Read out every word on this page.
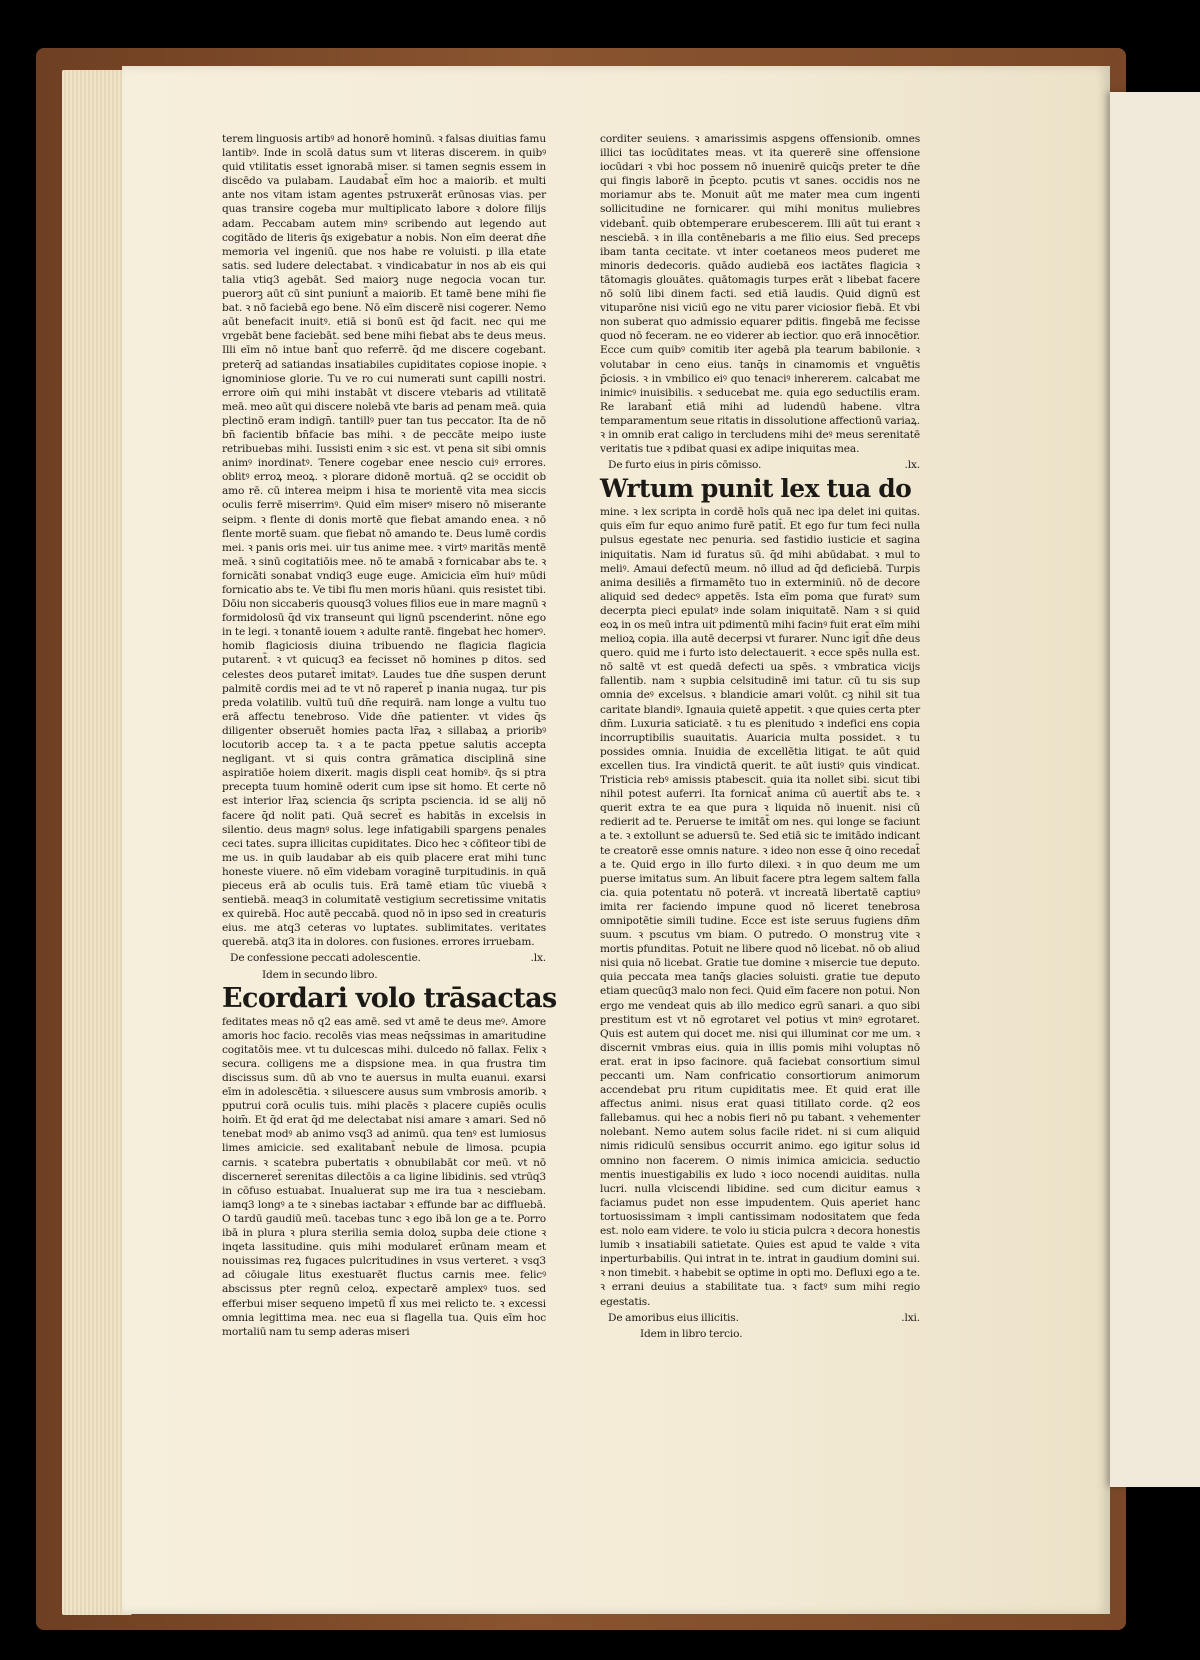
terem linguosis artibꝰ ad honorē hominū. ꝛ falsas diuitias famu lantibꝰ. Inde in scolā datus sum vt literas discerem. in quibꝰ quid vtilitatis esset ignorabā miser. si tamen segnis essem in discēdo va pulabam. Laudabat̄ eīm hoc a maiorib. et multi ante nos vitam istam agentes pstruxerāt erūnosas vias. per quas transire cogeba mur multiplicato labore ꝛ dolore filijs adam. Peccabam autem minꝰ scribendo aut legendo aut cogitādo de literis q̄s exigebatur a nobis. Non eīm deerat dn̄e memoria vel ingeniū. que nos habe re voluisti. p illa etate satis. sed ludere delectabat. ꝛ vindicabatur in nos ab eis qui talia vtiq3 agebāt. Sed maiorꝫ nuge negocia vocan tur. puerorꝫ aūt cū sint puniunt̄ a maiorib. Et tamē bene mihi fie bat. ꝛ nō faciebā ego bene. Nō eīm discerē nisi cogerer. Nemo aūt benefacit inuitꝰ. etiā si bonū est q̄d facit. nec qui me vrgebāt bene faciebāt. sed bene mihi fiebat abs te deus meus. Illi eīm nō intue bant̄ quo referrē. q̄d me discere cogebant. preterq̄ ad satiandas insatiabiles cupiditates copiose inopie. ꝛ ignominiose glorie. Tu ve ro cui numerati sunt capilli nostri. errore oim̄ qui mihi instabāt vt discere vtebaris ad vtilitatē meā. meo aūt qui discere nolebā vte baris ad penam meā. quia plectinō eram indign̄. tantillꝰ puer tan tus peccator. Ita de nō bn̄ facientib bn̄facie bas mihi. ꝛ de peccāte meipo iuste retribuebas mihi. Iussisti enim ꝛ sic est. vt pena sit sibi omnis animꝰ inordinatꝰ. Tenere cogebar enee nescio cuiꝰ errores. oblitꝰ erroꝝ meoꝝ. ꝛ plorare didonē mortuā. q2 se occidit ob amo rē. cū interea meipm i hisa te morientē vita mea siccis oculis ferrē miserrimꝰ. Quid eīm miserꝰ misero nō miserante seipm. ꝛ flente di donis mortē que fiebat amando enea. ꝛ nō flente mortē suam. que fiebat nō amando te. Deus lumē cordis mei. ꝛ panis oris mei. uir tus anime mee. ꝛ virtꝰ maritās mentē meā. ꝛ sinū cogitatiōis mee. nō te amabā ꝛ fornicabar abs te. ꝛ fornicāti sonabat vndiq3 euge euge. Amicicia eīm huiꝰ mūdi fornicatio abs te. Ve tibi flu men moris hūani. quis resistet tibi. Dōiu non siccaberis quousq3 volues filios eue in mare magnū ꝛ formidolosū q̄d vix transeunt qui lignū pscenderint. nōne ego in te legi. ꝛ tonantē iouem ꝛ adulte rantē. fingebat hec homerꝰ. homib flagiciosis diuina tribuendo ne flagicia flagicia putarent̄. ꝛ vt quicuq3 ea fecisset nō homines p ditos. sed celestes deos putaret̄ imitatꝰ. Laudes tue dn̄e suspen derunt palmitē cordis mei ad te vt nō raperet̄ p inania nugaꝝ. tur pis preda volatilib. vultū tuū dn̄e requirā. nam longe a vultu tuo erā affectu tenebroso. Vide dn̄e patienter. vt vides q̄s diligenter obseruēt homies pacta lr̄aꝝ ꝛ sillabaꝝ a prioribꝰ locutorib accep ta. ꝛ a te pacta ppetue salutis accepta negligant. vt si quis contra grāmatica disciplinā sine aspiratiōe hoiem dixerit. magis displi ceat homibꝰ. q̄s si ptra precepta tuum hominē oderit cum ipse sit homo. Et certe nō est interior lr̄aꝝ sciencia q̄s scripta psciencia. id se alij nō facere q̄d nolit pati. Quā secret̄ es habitās in excelsis in silentio. deus magnꝰ solus. lege infatigabili spargens penales ceci tates. supra illicitas cupiditates. Dico hec ꝛ cōfiteor tibi de me us. in quib laudabar ab eis quib placere erat mihi tunc honeste viuere. nō eīm videbam voraginē turpitudinis. in quā pieceus erā ab oculis tuis. Erā tamē etiam tūc viuebā ꝛ sentiebā. meaq3 in columitatē vestigium secretissime vnitatis ex quirebā. Hoc autē peccabā. quod nō in ipso sed in creaturis eius. me atq3 ceteras vo luptates. sublimitates. veritates querebā. atq3 ita in dolores. con fusiones. errores irruebam.

De confessione peccati adolescentie.	.lx.

Idem in secundo libro.

Ecordari volo trāsactas

feditates meas nō q2 eas amē. sed vt amē te deus meꝰ. Amore amoris hoc facio. recolēs vias meas neq̄ssimas in amaritudine cogitatōis mee. vt tu dulcescas mihi. dulcedo nō fallax. Felix ꝛ secura. colligens me a dispsione mea. in qua frustra tim discissus sum. dū ab vno te auersus in multa euanui. exarsi eīm in adolescētia. ꝛ siluescere ausus sum vmbrosis amorib. ꝛ pputrui corā oculis tuis. mihi placēs ꝛ placere cupiēs oculis hoim̄. Et q̄d erat q̄d me delectabat nisi amare ꝛ amari. Sed nō tenebat modꝰ ab animo vsq3 ad animū. qua tenꝰ est lumiosus limes amicicie. sed exalitabant̄ nebule de limosa. pcupia carnis. ꝛ scatebra pubertatis ꝛ obnubilabāt cor meū. vt nō discerneret̄ serenitas dilectōis a ca ligine libidinis. sed vtrūq3 in cōfuso estuabat. Inualuerat sup me ira tua ꝛ nesciebam. iamq3 longꝰ a te ꝛ sinebas iactabar ꝛ effunde bar ac diffluebā. O tardū gaudiū meū. tacebas tunc ꝛ ego ibā lon ge a te. Porro ibā in plura ꝛ plura sterilia semia doloꝝ supba deie ctione ꝛ inqeta lassitudine. quis mihi modularet̄ erūnam meam et nouissimas reꝝ fugaces pulcritudines in vsus verteret. ꝛ vsq3 ad cōiugale litus exestuarēt fluctus carnis mee. felicꝰ abscissus pter regnū celoꝝ. expectarē amplexꝰ tuos. sed efferbui miser sequeno impetū fl̄ xus mei relicto te. ꝛ excessi omnia legittima mea. nec eua si flagella tua. Quis eīm hoc mortaliū nam tu semp aderas miseri

corditer seuiens. ꝛ amarissimis aspgens offensionib. omnes illici tas iocūditates meas. vt ita quererē sine offensione iocūdari ꝛ vbi hoc possem nō inuenirē quicq̄s preter te dn̄e qui fingis laborē in p̄cepto. pcutis vt sanes. occidis nos ne moriamur abs te. Monuit aūt me mater mea cum ingenti sollicitudine ne fornicarer. qui mihi monitus muliebres videbant̄. quib obtemperare erubescerem. Illi aūt tui erant ꝛ nesciebā. ꝛ in illa contēnebaris a me filio eius. Sed preceps ibam tanta cecitate. vt inter coetaneos meos puderet me minoris dedecoris. quādo audiebā eos iactātes flagicia ꝛ tātomagis glouātes. quātomagis turpes erāt ꝛ libebat facere nō solū libi dinem facti. sed etiā laudis. Quid dignū est vituparōne nisi viciū ego ne vitu parer viciosior fiebā. Et vbi non suberat quo admissio equarer pditis. fingebā me fecisse quod nō feceram. ne eo viderer ab iectior. quo erā innocētior. Ecce cum quibꝰ comitib iter agebā pla tearum babilonie. ꝛ volutabar in ceno eius. tanq̄s in cinamomis et vnguētis p̄ciosis. ꝛ in vmbilico eiꝰ quo tenaciꝰ inhererem. calcabat me inimicꝰ inuisibilis. ꝛ seducebat me. quia ego seductilis eram. Re larabant̄ etiā mihi ad ludendū habene. vltra temparamentum seue ritatis in dissolutione affectionū variaꝝ. ꝛ in omnib erat caligo in tercludens mihi deꝰ meus serenitatē veritatis tue ꝛ pdibat quasi ex adipe iniquitas mea.

De furto eius in piris cōmisso.	.lx.
Wrtum punit lex tua do

mine. ꝛ lex scripta in cordē hoīs quā nec ipa delet ini quitas. quis eīm fur equo animo furē patit̄. Et ego fur tum feci nulla pulsus egestate nec penuria. sed fastidio iusticie et sagina iniquitatis. Nam id furatus sū. q̄d mihi abūdabat. ꝛ mul to meliꝰ. Amaui defectū meum. nō illud ad q̄d deficiebā. Turpis anima desiliēs a firmamēto tuo in exterminiū. nō de decore aliquid sed dedecꝰ appetēs. Ista eīm poma que furatꝰ sum decerpta pieci epulatꝰ inde solam iniquitatē. Nam ꝛ si quid eoꝝ in os meū intra uit pdimentū mihi facinꝰ fuit erat eīm mihi melioꝝ copia. illa autē decerpsi vt furarer. Nunc igit̄ dn̄e deus quero. quid me i furto isto delectauerit. ꝛ ecce spēs nulla est. nō saltē vt est quedā defecti ua spēs. ꝛ vmbratica vicijs fallentib. nam ꝛ supbia celsitudinē imi tatur. cū tu sis sup omnia deꝰ excelsus. ꝛ blandicie amari volūt. cꝫ nihil sit tua caritate blandiꝰ. Ignauia quietē appetit. ꝛ que quies certa pter dn̄m. Luxuria saticiatē. ꝛ tu es plenitudo ꝛ indefici ens copia incorruptibilis suauitatis. Auaricia multa possidet. ꝛ tu possides omnia. Inuidia de excellētia litigat. te aūt quid excellen tius. Ira vindictā querit. te aūt iustiꝰ quis vindicat. Tristicia rebꝰ amissis ptabescit. quia ita nollet sibi. sicut tibi nihil potest auferri. Ita fornicat̄ anima cū auertit̄ abs te. ꝛ querit extra te ea que pura ꝛ liquida nō inuenit. nisi cū redierit ad te. Peruerse te imitāt̄ om nes. qui longe se faciunt a te. ꝛ extollunt se aduersū te. Sed etiā sic te imitādo indicant te creatorē esse omnis nature. ꝛ ideo non esse q̄ oino recedat̄ a te. Quid ergo in illo furto dilexi. ꝛ in quo deum me um puerse imitatus sum. An libuit facere ptra legem saltem falla cia. quia potentatu nō poterā. vt increatā libertatē captiuꝰ imita rer faciendo impune quod nō liceret tenebrosa omnipotētie simili tudine. Ecce est iste seruus fugiens dn̄m suum. ꝛ pscutus vm biam. O putredo. O monstruꝫ vite ꝛ mortis pfunditas. Potuit ne libere quod nō licebat. nō ob aliud nisi quia nō licebat. Gratie tue domine ꝛ misercie tue deputo. quia peccata mea tanq̄s glacies soluisti. gratie tue deputo etiam quecūq3 malo non feci. Quid eīm facere non potui. Non ergo me vendeat quis ab illo medico egrū sanari. a quo sibi prestitum est vt nō egrotaret vel potius vt minꝰ egrotaret. Quis est autem qui docet me. nisi qui illuminat cor me um. ꝛ discernit vmbras eius. quia in illis pomis mihi voluptas nō erat. erat in ipso facinore. quā faciebat consortium simul peccanti um. Nam confricatio consortiorum animorum accendebat pru ritum cupiditatis mee. Et quid erat ille affectus animi. nisus erat quasi titillato corde. q2 eos fallebamus. qui hec a nobis fieri nō pu tabant. ꝛ vehementer nolebant. Nemo autem solus facile ridet. ni si cum aliquid nimis ridiculū sensibus occurrit animo. ego igitur solus id omnino non facerem. O nimis inimica amicicia. seductio mentis inuestigabilis ex ludo ꝛ ioco nocendi auiditas. nulla lucri. nulla vlciscendi libidine. sed cum dicitur eamus ꝛ faciamus pudet non esse impudentem. Quis aperiet hanc tortuosissimam ꝛ impli cantissimam nodositatem que feda est. nolo eam videre. te volo iu sticia pulcra ꝛ decora honestis lumib ꝛ insatiabili satietate. Quies est apud te valde ꝛ vita inperturbabilis. Qui intrat in te. intrat in gaudium domini sui. ꝛ non timebit. ꝛ habebit se optime in opti mo. Defluxi ego a te. ꝛ errani deuius a stabilitate tua. ꝛ factꝰ sum mihi regio egestatis.

De amoribus eius illicitis.	.lxi.

Idem in libro tercio.
